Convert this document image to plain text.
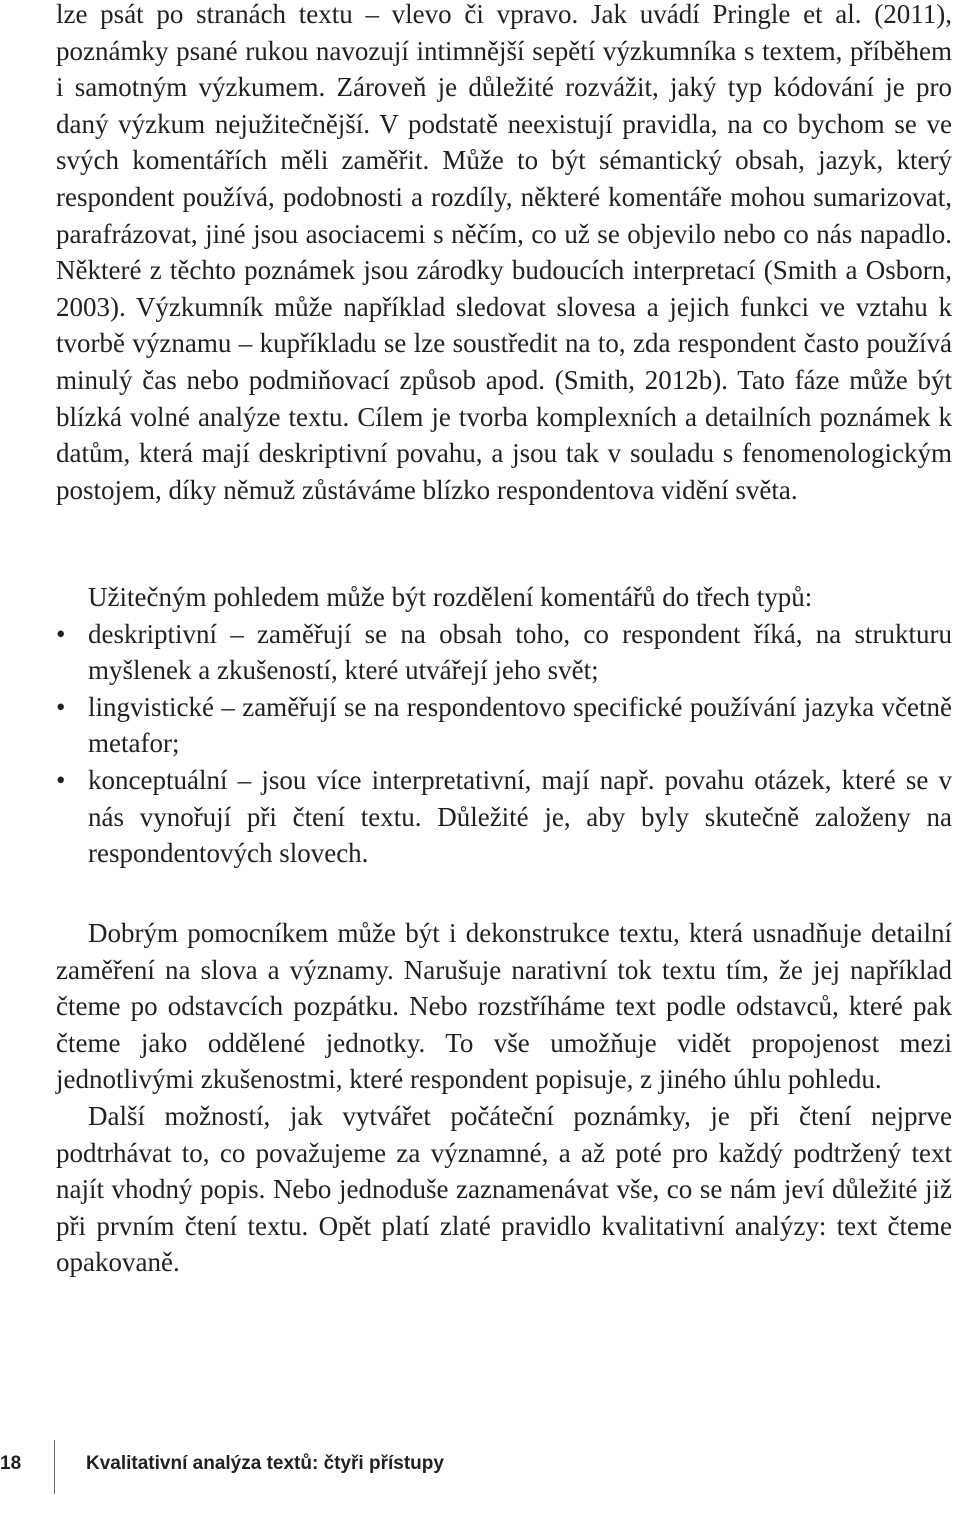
lze psát po stranách textu – vlevo či vpravo. Jak uvádí Pringle et al. (2011), poznámky psané rukou navozují intimnější sepětí výzkumníka s textem, příběhem i samotným výzkumem. Zároveň je důležité rozvážit, jaký typ kódování je pro daný výzkum nejužitečnější. V podstatě neexistují pravidla, na co bychom se ve svých komentářích měli zaměřit. Může to být sémantický obsah, jazyk, který respondent používá, podobnosti a rozdíly, některé komentáře mohou sumarizovat, parafrázovat, jiné jsou asociacemi s něčím, co už se objevilo nebo co nás napadlo. Některé z těchto poznámek jsou zárodky budoucích interpretací (Smith a Osborn, 2003). Výzkumník může například sledovat slovesa a jejich funkci ve vztahu k tvorbě významu – kupříkladu se lze soustředit na to, zda respondent často používá minulý čas nebo podmiňovací způsob apod. (Smith, 2012b). Tato fáze může být blízká volné analýze textu. Cílem je tvorba komplexních a detailních poznámek k datům, která mají deskriptivní povahu, a jsou tak v souladu s fenomenologickým postojem, díky němuž zůstáváme blízko respondentova vidění světa.

Užitečným pohledem může být rozdělení komentářů do třech typů:

• deskriptivní – zaměřují se na obsah toho, co respondent říká, na strukturu myšlenek a zkušeností, které utvářejí jeho svět;
• lingvistické – zaměřují se na respondentovo specifické používání jazyka včetně metafor;
• konceptuální – jsou více interpretativní, mají např. povahu otázek, které se v nás vynořují při čtení textu. Důležité je, aby byly skutečně založeny na respondentových slovech.

Dobrým pomocníkem může být i dekonstrukce textu, která usnadňuje detailní zaměření na slova a významy. Narušuje narativní tok textu tím, že jej například čteme po odstavcích pozpátku. Nebo rozstříháme text podle odstavců, které pak čteme jako oddělené jednotky. To vše umožňuje vidět propojenost mezi jednotlivými zkušenostmi, které respondent popisuje, z jiného úhlu pohledu.

Další možností, jak vytvářet počáteční poznámky, je při čtení nejprve podtrhávat to, co považujeme za významné, a až poté pro každý podtržený text najít vhodný popis. Nebo jednoduše zaznamenávat vše, co se nám jeví důležité již při prvním čtení textu. Opět platí zlaté pravidlo kvalitativní analýzy: text čteme opakovaně.

18	Kvalitativní analýza textů: čtyři přístupy
